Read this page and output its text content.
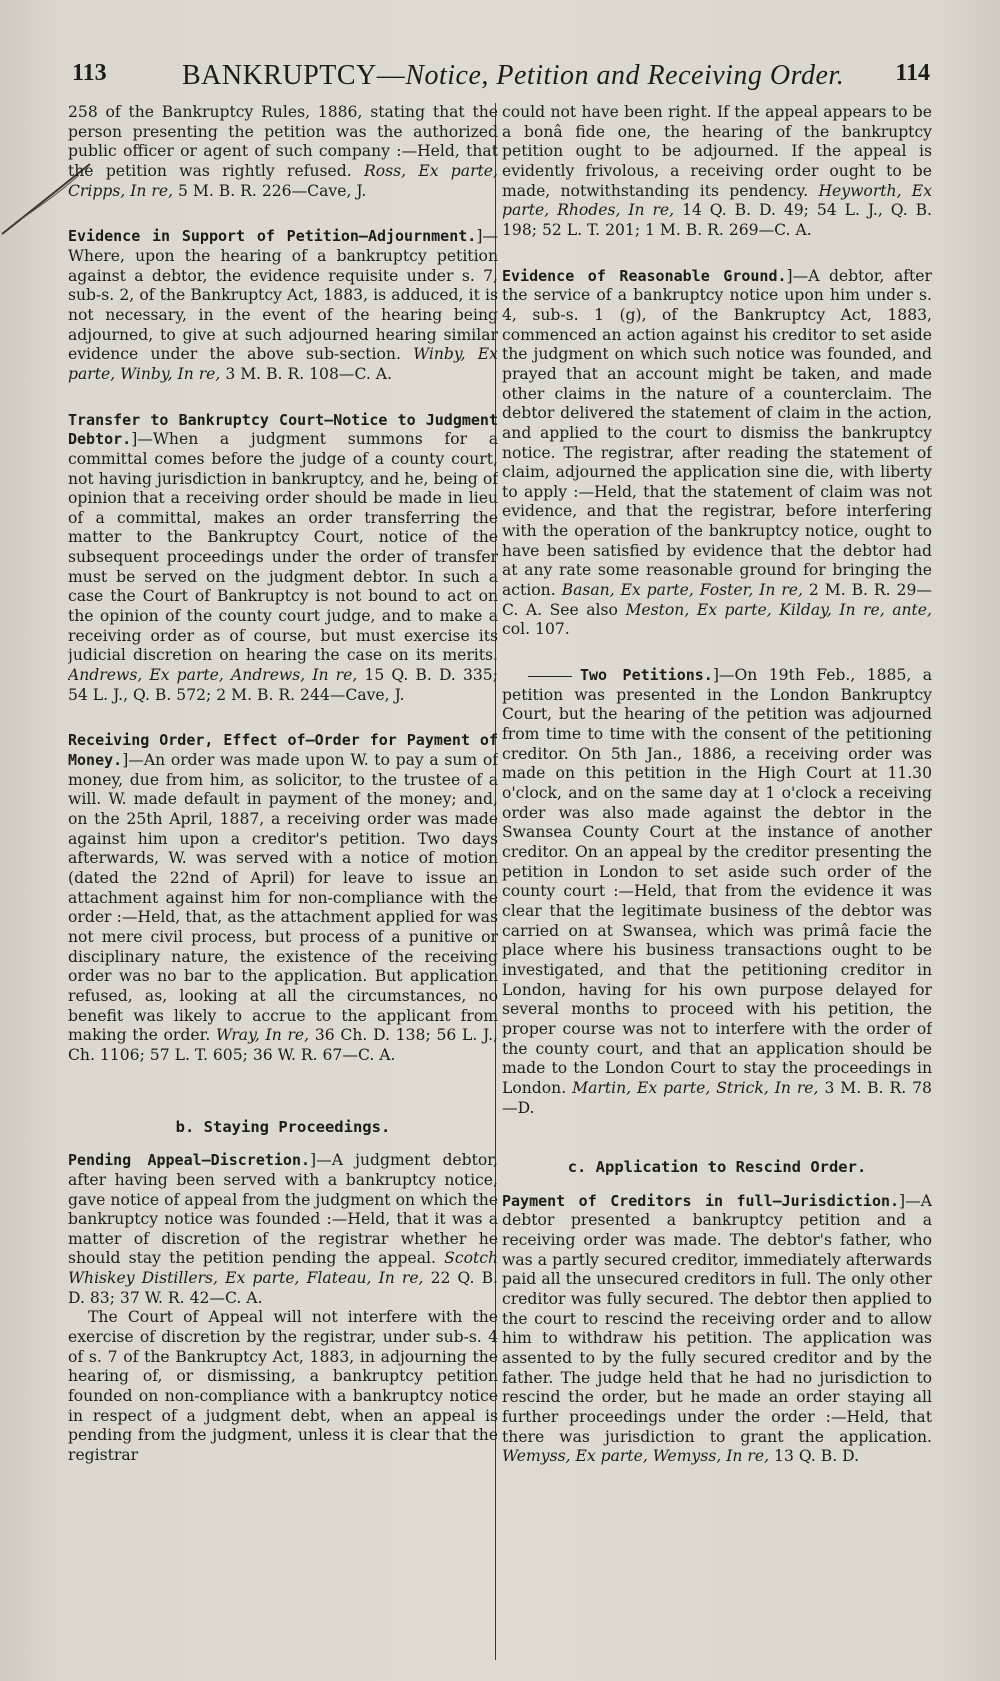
113	BANKRUPTCY—Notice, Petition and Receiving Order. 114

258 of the Bankruptcy Rules, 1886, stating that the person presenting the petition was the authorized public officer or agent of such company :—Held, that the petition was rightly refused. Ross, Ex parte, Cripps, In re, 5 M. B. R. 226—Cave, J.

Evidence in Support of Petition—Adjournment.]—Where, upon the hearing of a bankruptcy petition against a debtor, the evidence requisite under s. 7, sub-s. 2, of the Bankruptcy Act, 1883, is adduced, it is not necessary, in the event of the hearing being adjourned, to give at such adjourned hearing similar evidence under the above sub-section. Winby, Ex parte, Winby, In re, 3 M. B. R. 108—C. A.

Transfer to Bankruptcy Court—Notice to Judgment Debtor.]—When a judgment summons for a committal comes before the judge of a county court, not having jurisdiction in bankruptcy, and he, being of opinion that a receiving order should be made in lieu of a committal, makes an order transferring the matter to the Bankruptcy Court, notice of the subsequent proceedings under the order of transfer must be served on the judgment debtor. In such a case the Court of Bankruptcy is not bound to act on the opinion of the county court judge, and to make a receiving order as of course, but must exercise its judicial discretion on hearing the case on its merits. Andrews, Ex parte, Andrews, In re, 15 Q. B. D. 335; 54 L. J., Q. B. 572; 2 M. B. R. 244—Cave, J.

Receiving Order, Effect of—Order for Payment of Money.]—An order was made upon W. to pay a sum of money, due from him, as solicitor, to the trustee of a will. W. made default in payment of the money; and, on the 25th April, 1887, a receiving order was made against him upon a creditor's petition. Two days afterwards, W. was served with a notice of motion (dated the 22nd of April) for leave to issue an attachment against him for non-compliance with the order :—Held, that, as the attachment applied for was not mere civil process, but process of a punitive or disciplinary nature, the existence of the receiving order was no bar to the application. But application refused, as, looking at all the circumstances, no benefit was likely to accrue to the applicant from making the order. Wray, In re, 36 Ch. D. 138; 56 L. J., Ch. 1106; 57 L. T. 605; 36 W. R. 67—C. A.

b. Staying Proceedings.

Pending Appeal—Discretion.]—A judgment debtor, after having been served with a bankruptcy notice, gave notice of appeal from the judgment on which the bankruptcy notice was founded :—Held, that it was a matter of discretion of the registrar whether he should stay the petition pending the appeal. Scotch Whiskey Distillers, Ex parte, Flateau, In re, 22 Q. B. D. 83; 37 W. R. 42—C. A.

The Court of Appeal will not interfere with the exercise of discretion by the registrar, under sub-s. 4 of s. 7 of the Bankruptcy Act, 1883, in adjourning the hearing of, or dismissing, a bankruptcy petition founded on non-compliance with a bankruptcy notice in respect of a judgment debt, when an appeal is pending from the judgment, unless it is clear that the registrar

could not have been right. If the appeal appears to be a bonâ fide one, the hearing of the bankruptcy petition ought to be adjourned. If the appeal is evidently frivolous, a receiving order ought to be made, notwithstanding its pendency. Heyworth, Ex parte, Rhodes, In re, 14 Q. B. D. 49; 54 L. J., Q. B. 198; 52 L. T. 201; 1 M. B. R. 269—C. A.

Evidence of Reasonable Ground.]—A debtor, after the service of a bankruptcy notice upon him under s. 4, sub-s. 1 (g), of the Bankruptcy Act, 1883, commenced an action against his creditor to set aside the judgment on which such notice was founded, and prayed that an account might be taken, and made other claims in the nature of a counterclaim. The debtor delivered the statement of claim in the action, and applied to the court to dismiss the bankruptcy notice. The registrar, after reading the statement of claim, adjourned the application sine die, with liberty to apply :—Held, that the statement of claim was not evidence, and that the registrar, before interfering with the operation of the bankruptcy notice, ought to have been satisfied by evidence that the debtor had at any rate some reasonable ground for bringing the action. Basan, Ex parte, Foster, In re, 2 M. B. R. 29—C. A. See also Meston, Ex parte, Kilday, In re, ante, col. 107.

Two Petitions.]—On 19th Feb., 1885, a petition was presented in the London Bankruptcy Court, but the hearing of the petition was adjourned from time to time with the consent of the petitioning creditor. On 5th Jan., 1886, a receiving order was made on this petition in the High Court at 11.30 o'clock, and on the same day at 1 o'clock a receiving order was also made against the debtor in the Swansea County Court at the instance of another creditor. On an appeal by the creditor presenting the petition in London to set aside such order of the county court :—Held, that from the evidence it was clear that the legitimate business of the debtor was carried on at Swansea, which was primâ facie the place where his business transactions ought to be investigated, and that the petitioning creditor in London, having for his own purpose delayed for several months to proceed with his petition, the proper course was not to interfere with the order of the county court, and that an application should be made to the London Court to stay the proceedings in London. Martin, Ex parte, Strick, In re, 3 M. B. R. 78—D.

c. Application to Rescind Order.

Payment of Creditors in full—Jurisdiction.]—A debtor presented a bankruptcy petition and a receiving order was made. The debtor's father, who was a partly secured creditor, immediately afterwards paid all the unsecured creditors in full. The only other creditor was fully secured. The debtor then applied to the court to rescind the receiving order and to allow him to withdraw his petition. The application was assented to by the fully secured creditor and by the father. The judge held that he had no jurisdiction to rescind the order, but he made an order staying all further proceedings under the order :—Held, that there was jurisdiction to grant the application. Wemyss, Ex parte, Wemyss, In re, 13 Q. B. D.
